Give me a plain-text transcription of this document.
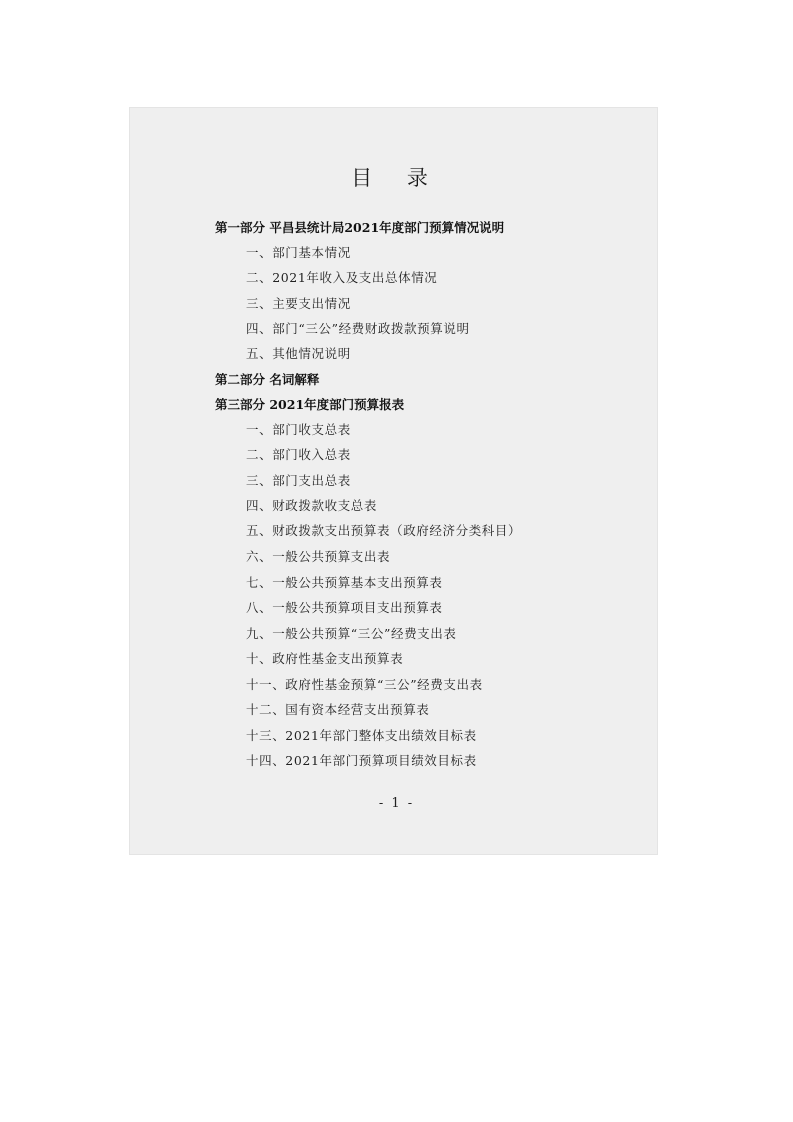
目 录
第一部分 平昌县统计局2021年度部门预算情况说明
一、部门基本情况
二、2021年收入及支出总体情况
三、主要支出情况
四、部门“三公”经费财政拨款预算说明
五、其他情况说明
第二部分 名词解释
第三部分 2021年度部门预算报表
一、部门收支总表
二、部门收入总表
三、部门支出总表
四、财政拨款收支总表
五、财政拨款支出预算表（政府经济分类科目）
六、一般公共预算支出表
七、一般公共预算基本支出预算表
八、一般公共预算项目支出预算表
九、一般公共预算“三公”经费支出表
十、政府性基金支出预算表
十一、政府性基金预算“三公”经费支出表
十二、国有资本经营支出预算表
十三、2021年部门整体支出绩效目标表
十四、2021年部门预算项目绩效目标表
- 1 -
